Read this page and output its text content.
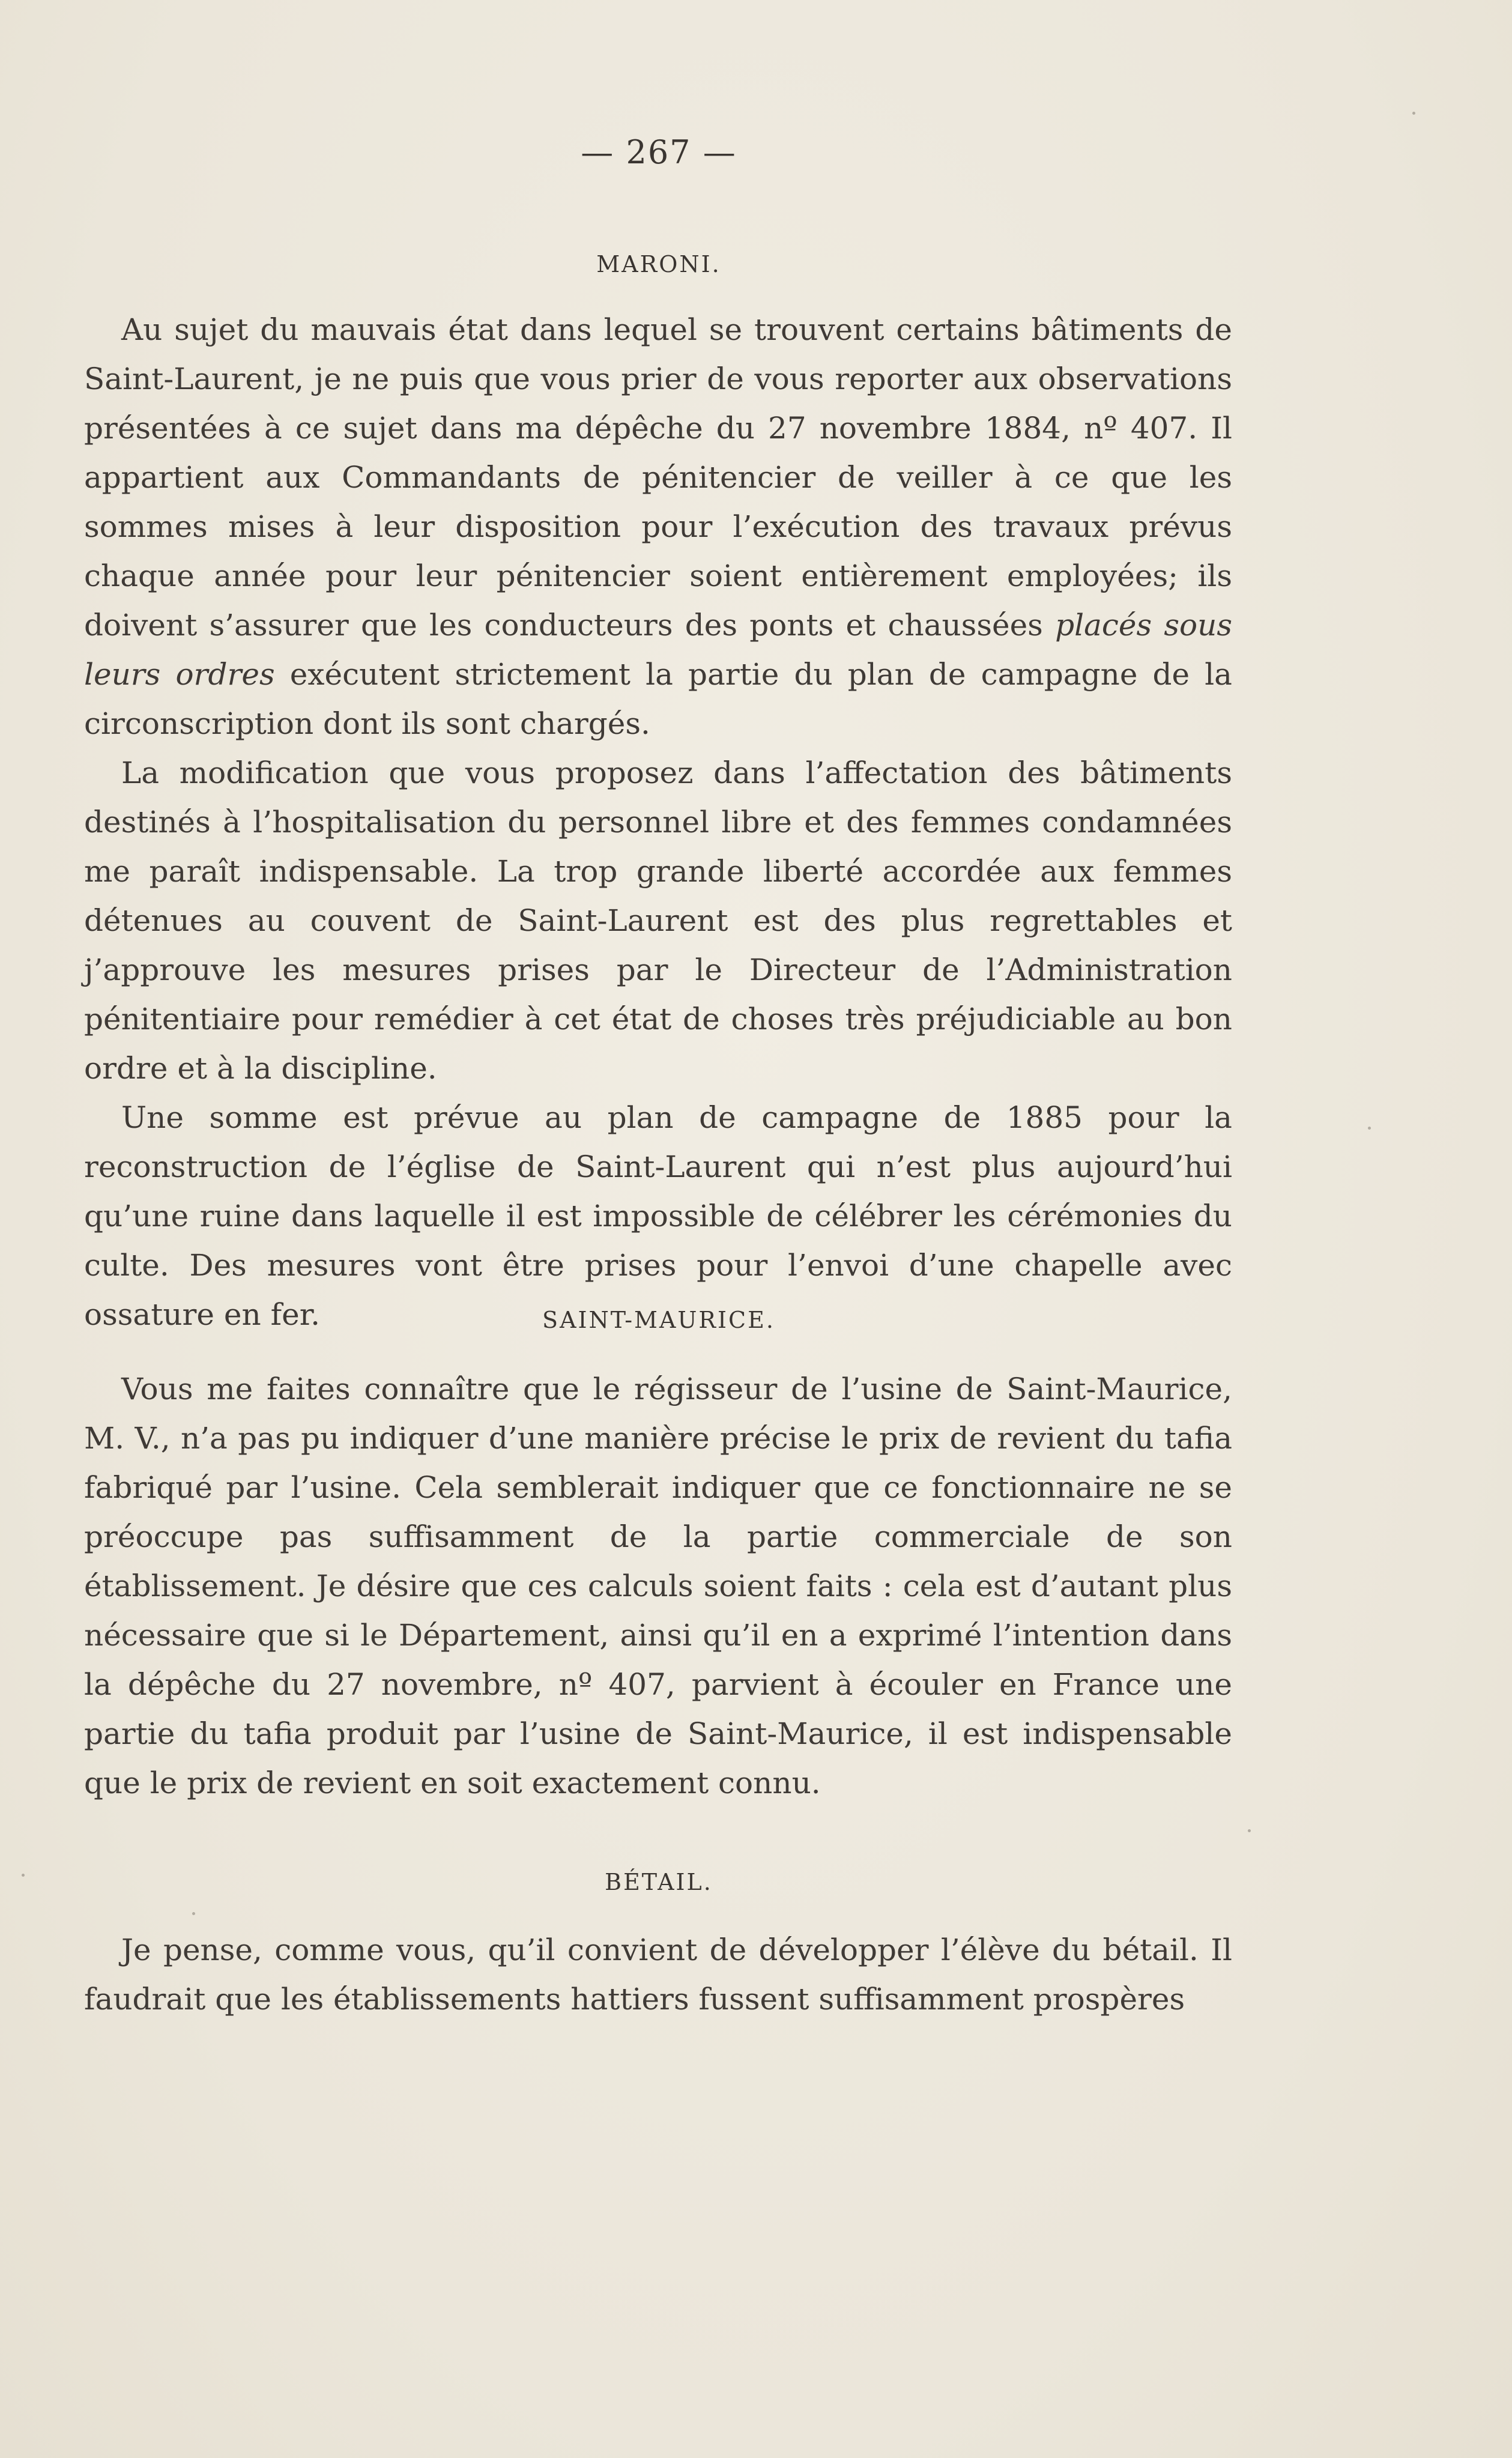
— 267 —
MARONI.

Au sujet du mauvais état dans lequel se trouvent certains bâtiments de Saint-Laurent, je ne puis que vous prier de vous reporter aux observations présentées à ce sujet dans ma dépêche du 27 novembre 1884, nº 407. Il appartient aux Commandants de pénitencier de veiller à ce que les sommes mises à leur disposition pour l’exécution des travaux prévus chaque année pour leur pénitencier soient entièrement employées; ils doivent s’assurer que les conducteurs des ponts et chaussées placés sous leurs ordres exécutent strictement la partie du plan de campagne de la circonscription dont ils sont chargés.

La modification que vous proposez dans l’affectation des bâtiments destinés à l’hospitalisation du personnel libre et des femmes condamnées me paraît indispensable. La trop grande liberté accordée aux femmes détenues au couvent de Saint-Laurent est des plus regrettables et j’approuve les mesures prises par le Directeur de l’Administration pénitentiaire pour remédier à cet état de choses très préjudiciable au bon ordre et à la discipline.

Une somme est prévue au plan de campagne de 1885 pour la reconstruction de l’église de Saint-Laurent qui n’est plus aujourd’hui qu’une ruine dans laquelle il est impossible de célébrer les cérémonies du culte. Des mesures vont être prises pour l’envoi d’une chapelle avec ossature en fer.	SAINT-MAURICE.

Vous me faites connaître que le régisseur de l’usine de Saint-Maurice, M. V., n’a pas pu indiquer d’une manière précise le prix de revient du tafia fabriqué par l’usine. Cela semblerait indiquer que ce fonctionnaire ne se préoccupe pas suffisamment de la partie commerciale de son établissement. Je désire que ces calculs soient faits : cela est d’autant plus nécessaire que si le Département, ainsi qu’il en a exprimé l’intention dans la dépêche du 27 novembre, nº 407, parvient à écouler en France une partie du tafia produit par l’usine de Saint-Maurice, il est indispensable que le prix de revient en soit exactement connu.

BÉTAIL.

Je pense, comme vous, qu’il convient de développer l’élève du bétail. Il faudrait que les établissements hattiers fussent suffisamment prospères
